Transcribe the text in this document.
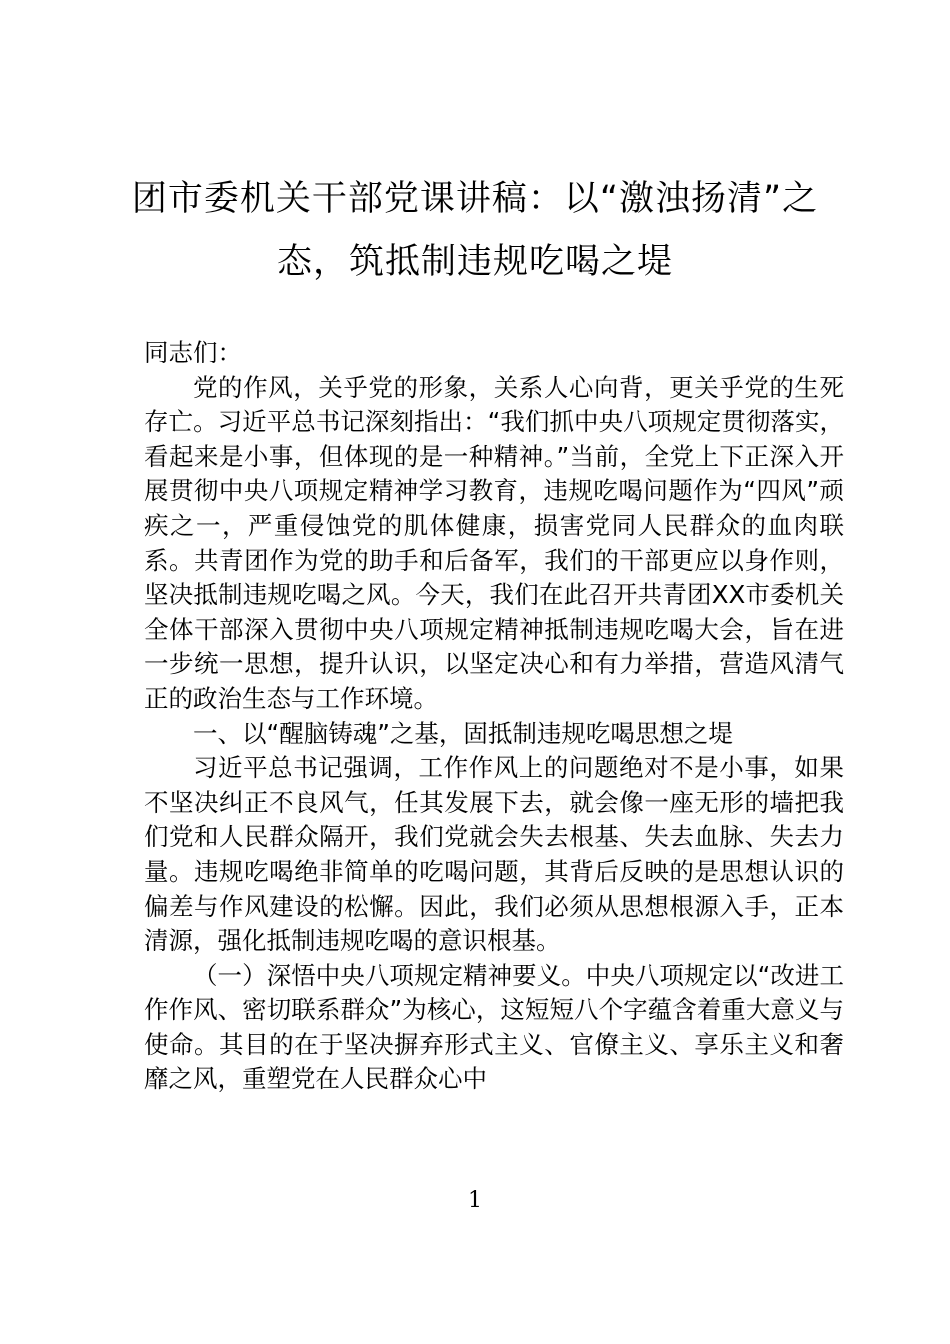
团市委机关干部党课讲稿：以“激浊扬清”之态，筑抵制违规吃喝之堤

同志们：

党的作风，关乎党的形象，关系人心向背，更关乎党的生死存亡。习近平总书记深刻指出：“我们抓中央八项规定贯彻落实，看起来是小事，但体现的是一种精神。”当前，全党上下正深入开展贯彻中央八项规定精神学习教育，违规吃喝问题作为“四风”顽疾之一，严重侵蚀党的肌体健康，损害党同人民群众的血肉联系。共青团作为党的助手和后备军，我们的干部更应以身作则，坚决抵制违规吃喝之风。今天，我们在此召开共青团XX市委机关全体干部深入贯彻中央八项规定精神抵制违规吃喝大会，旨在进一步统一思想，提升认识，以坚定决心和有力举措，营造风清气正的政治生态与工作环境。

一、以“醒脑铸魂”之基，固抵制违规吃喝思想之堤

习近平总书记强调，工作作风上的问题绝对不是小事，如果不坚决纠正不良风气，任其发展下去，就会像一座无形的墙把我们党和人民群众隔开，我们党就会失去根基、失去血脉、失去力量。违规吃喝绝非简单的吃喝问题，其背后反映的是思想认识的偏差与作风建设的松懈。因此，我们必须从思想根源入手，正本清源，强化抵制违规吃喝的意识根基。

（一）深悟中央八项规定精神要义。中央八项规定以“改进工作作风、密切联系群众”为核心，这短短八个字蕴含着重大意义与使命。其目的在于坚决摒弃形式主义、官僚主义、享乐主义和奢靡之风，重塑党在人民群众心中

1
